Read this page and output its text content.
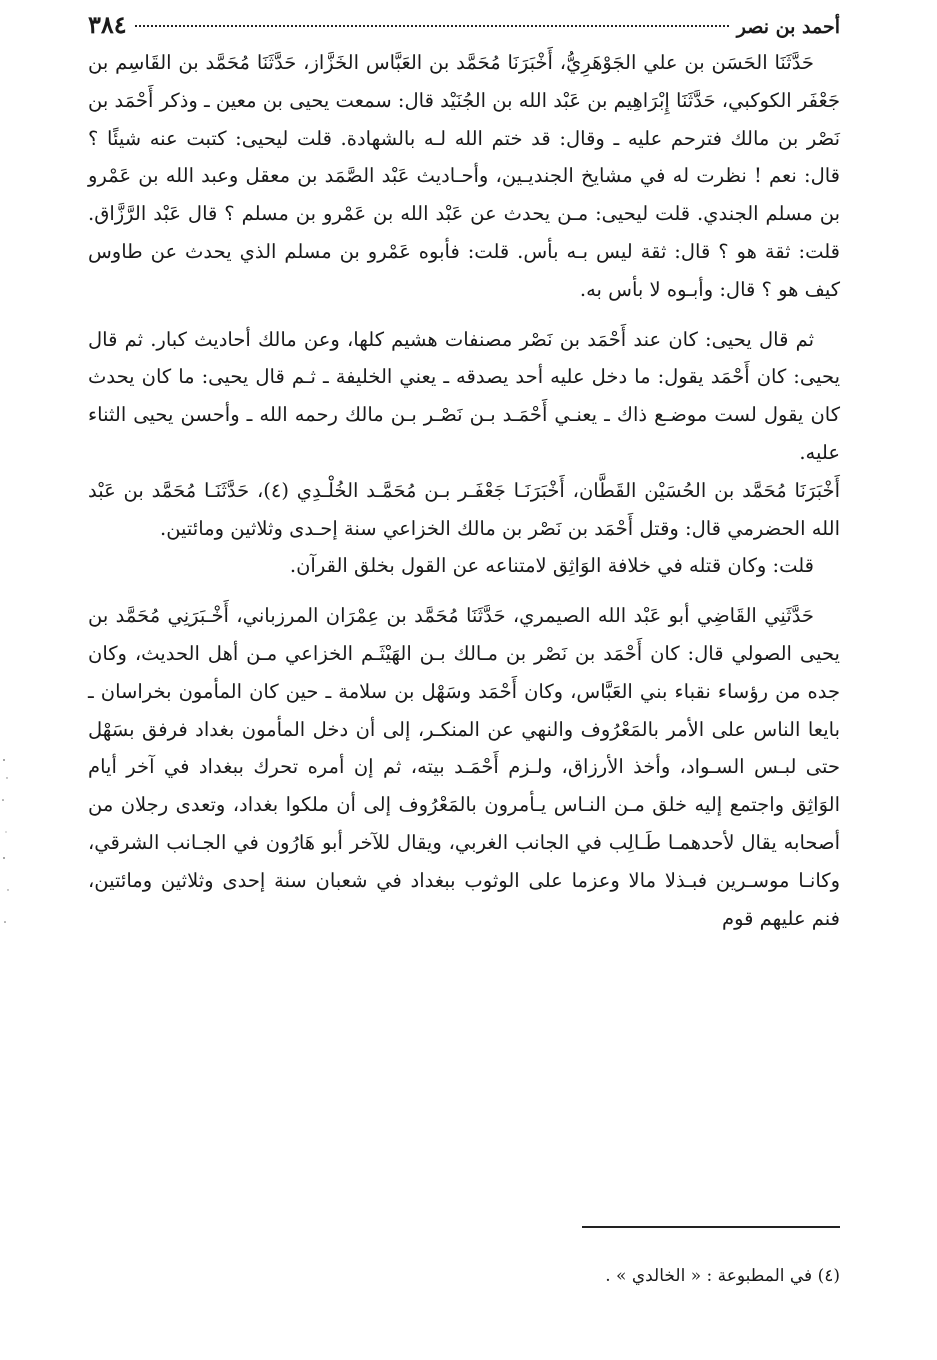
أحمد بن نصر
٣٨٤

حَدَّثَنَا الحَسَن بن علي الجَوْهَرِيُّ، أَخْبَرَنَا مُحَمَّد بن العَبَّاس الخَزَّاز، حَدَّثَنَا مُحَمَّد بن القَاسِم بن جَعْفَر الكوكبي، حَدَّثَنَا إِبْرَاهِيم بن عَبْد الله بن الجُنَيْد قال: سمعت يحيى بن معين ـ وذكر أَحْمَد بن نَصْر بن مالك فترحم عليه ـ وقال: قد ختم الله لـه بالشهادة. قلت ليحيى: كتبت عنه شيئًا ؟ قال: نعم ! نظرت له في مشايخ الجنديـين، وأحـاديث عَبْد الصَّمَد بن معقل وعبد الله بن عَمْرو بن مسلم الجندي. قلت ليحيى: مـن يحدث عن عَبْد الله بن عَمْرو بن مسلم ؟ قال عَبْد الرَّزَّاق. قلت: ثقة هو ؟ قال: ثقة ليس بـه بأس. قلت: فأبوه عَمْرو بن مسلم الذي يحدث عن طاوس كيف هو ؟ قال: وأبـوه لا بأس به.

ثم قال يحيى: كان عند أَحْمَد بن نَصْر مصنفات هشيم كلها، وعن مالك أحاديث كبار. ثم قال يحيى: كان أَحْمَد يقول: ما دخل عليه أحد يصدقه ـ يعني الخليفة ـ ثـم قال يحيى: ما كان يحدث كان يقول لست موضـع ذاك ـ يعنـي أَحْمَـد بـن نَصْـر بـن مالك رحمه الله ـ وأحسن يحيى الثناء عليه.

أَخْبَرَنَا مُحَمَّد بن الحُسَيْن القَطَّان، أَخْبَرَنَـا جَعْفَـر بـن مُحَمَّـد الخُلْـدِي (٤)، حَدَّثَنَـا مُحَمَّد بن عَبْد الله الحضرمي قال: وقتل أَحْمَد بن نَصْر بن مالك الخزاعي سنة إحـدى وثلاثين ومائتين.

قلت: وكان قتله في خلافة الوَاثِق لامتناعه عن القول بخلق القرآن.

حَدَّثَنِي القَاضِي أبو عَبْد الله الصيمري، حَدَّثَنَا مُحَمَّد بن عِمْرَان المرزباني، أَخْـبَرَنِي مُحَمَّد بن يحيى الصولي قال: كان أَحْمَد بن نَصْر بن مـالك بـن الهَيْثَـم الخزاعي مـن أهل الحديث، وكان جده من رؤساء نقباء بني العَبَّاس، وكان أَحْمَد وسَهْل بن سلامة ـ حين كان المأمون بخراسان ـ بايعا الناس على الأمر بالمَعْرُوف والنهي عن المنكـر، إلى أن دخل المأمون بغداد فرفق بسَهْل حتى لبـس السـواد، وأخذ الأرزاق، ولـزم أَحْمَـد بيته، ثم إن أمره تحرك ببغداد في آخر أيام الوَاثِق واجتمع إليه خلق مـن النـاس يـأمرون بالمَعْرُوف إلى أن ملكوا بغداد، وتعدى رجلان من أصحابه يقال لأحدهمـا طَـالِب في الجانب الغربي، ويقال للآخر أبو هَارُون في الجـانب الشرقي، وكانـا موسـرين فبـذلا مالا وعزما على الوثوب ببغداد في شعبان سنة إحدى وثلاثين ومائتين، فنم عليهم قوم

(٤) في المطبوعة : « الخالدي » .
